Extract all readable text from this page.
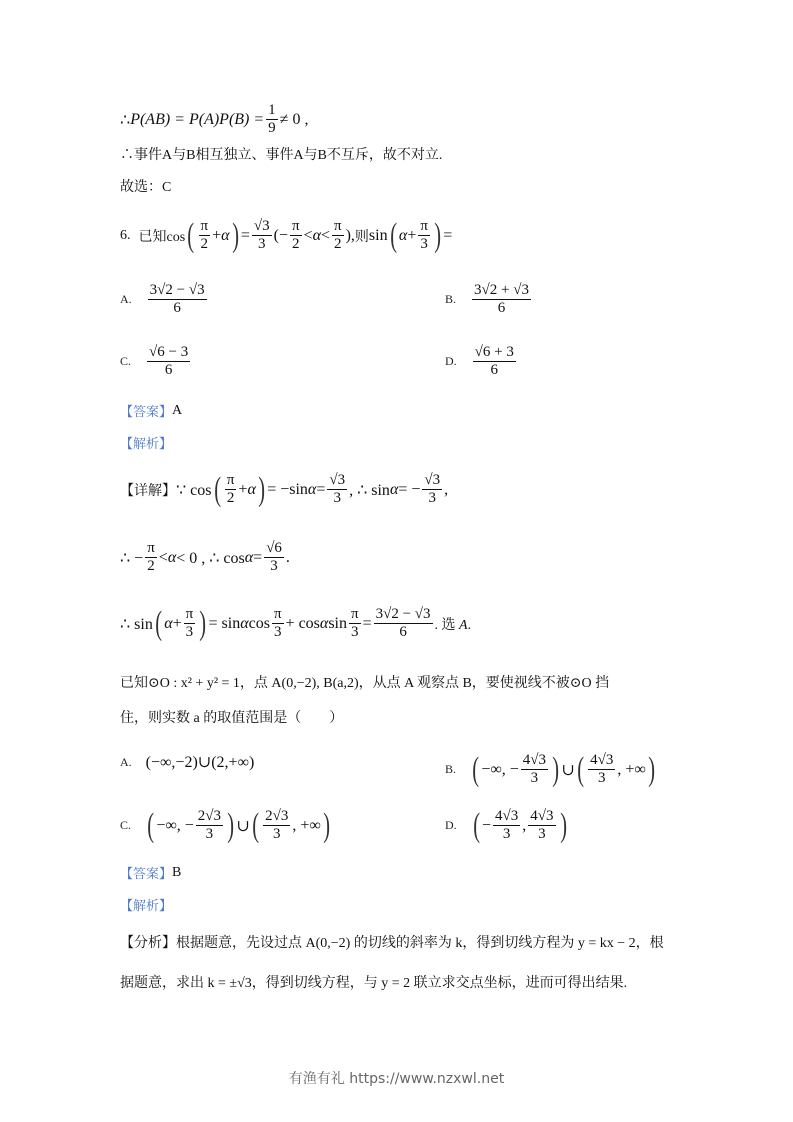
∴ $P(AB) = P(A)P(B) = \frac{1}{9} \ne 0$ ,
∴事件A与B相互独立、事件A与B不互斥，故不对立.
故选：C
6. 已知cos ( $\frac{\pi}{2} + \alpha$ ) = $\frac{√3}{3}$ (− $\frac{\pi}{2} < \alpha < \frac{\pi}{2}$ ), 则 sin ( $\alpha + \frac{\pi}{3}$ ) =
A. $\frac{3√2 - √3}{6}$	B. $\frac{3√2 + √3}{6}$
C. $\frac{√6 - 3}{6}$	D. $\frac{√6 + 3}{6}$
【答案】 A
【解析】
【详解】 ∵ cos ( $\frac{\pi}{2} + \alpha$ ) = −sin $\alpha = \frac{√3}{3}$ , ∴ sin α = − $\frac{√3}{3}$ ,
∴ − $\frac{\pi}{2} < \alpha < 0$ , ∴ $\cos \alpha = \frac{√6}{3}$ .
∴ sin ( $\alpha + \frac{\pi}{3}$ ) = sin α $\cos \frac{\pi}{3} + \cos \alpha$ $\sin \frac{\pi}{3} = \frac{3√2 - √3}{6}$ . 选 A.
已知⊙O : x² + y² = 1，点 A(0,−2), B(a,2)，从点 A 观察点 B，要使视线不被⊙O 挡
住，则实数 a 的取值范围是（　　）
A. (−∞,−2)∪(2,+∞)	B. ( −∞, − $\frac{4√3}{3}$ ) ∪ ( $\frac{4√3}{3}$ , +∞ )
C. ( −∞, − $\frac{2√3}{3}$ ) ∪ ( $\frac{2√3}{3}$ , +∞ )	D. ( − $\frac{4√3}{3}$ , $\frac{4√3}{3}$ )
【答案】 B
【解析】
【分析】 根据题意，先设过点 A(0,−2) 的切线的斜率为 k，得到切线方程为 y = kx − 2，根
据题意，求出 k = ±√3，得到切线方程，与 y = 2 联立求交点坐标，进而可得出结果.
有渔有礼 https://www.nzxwl.net
